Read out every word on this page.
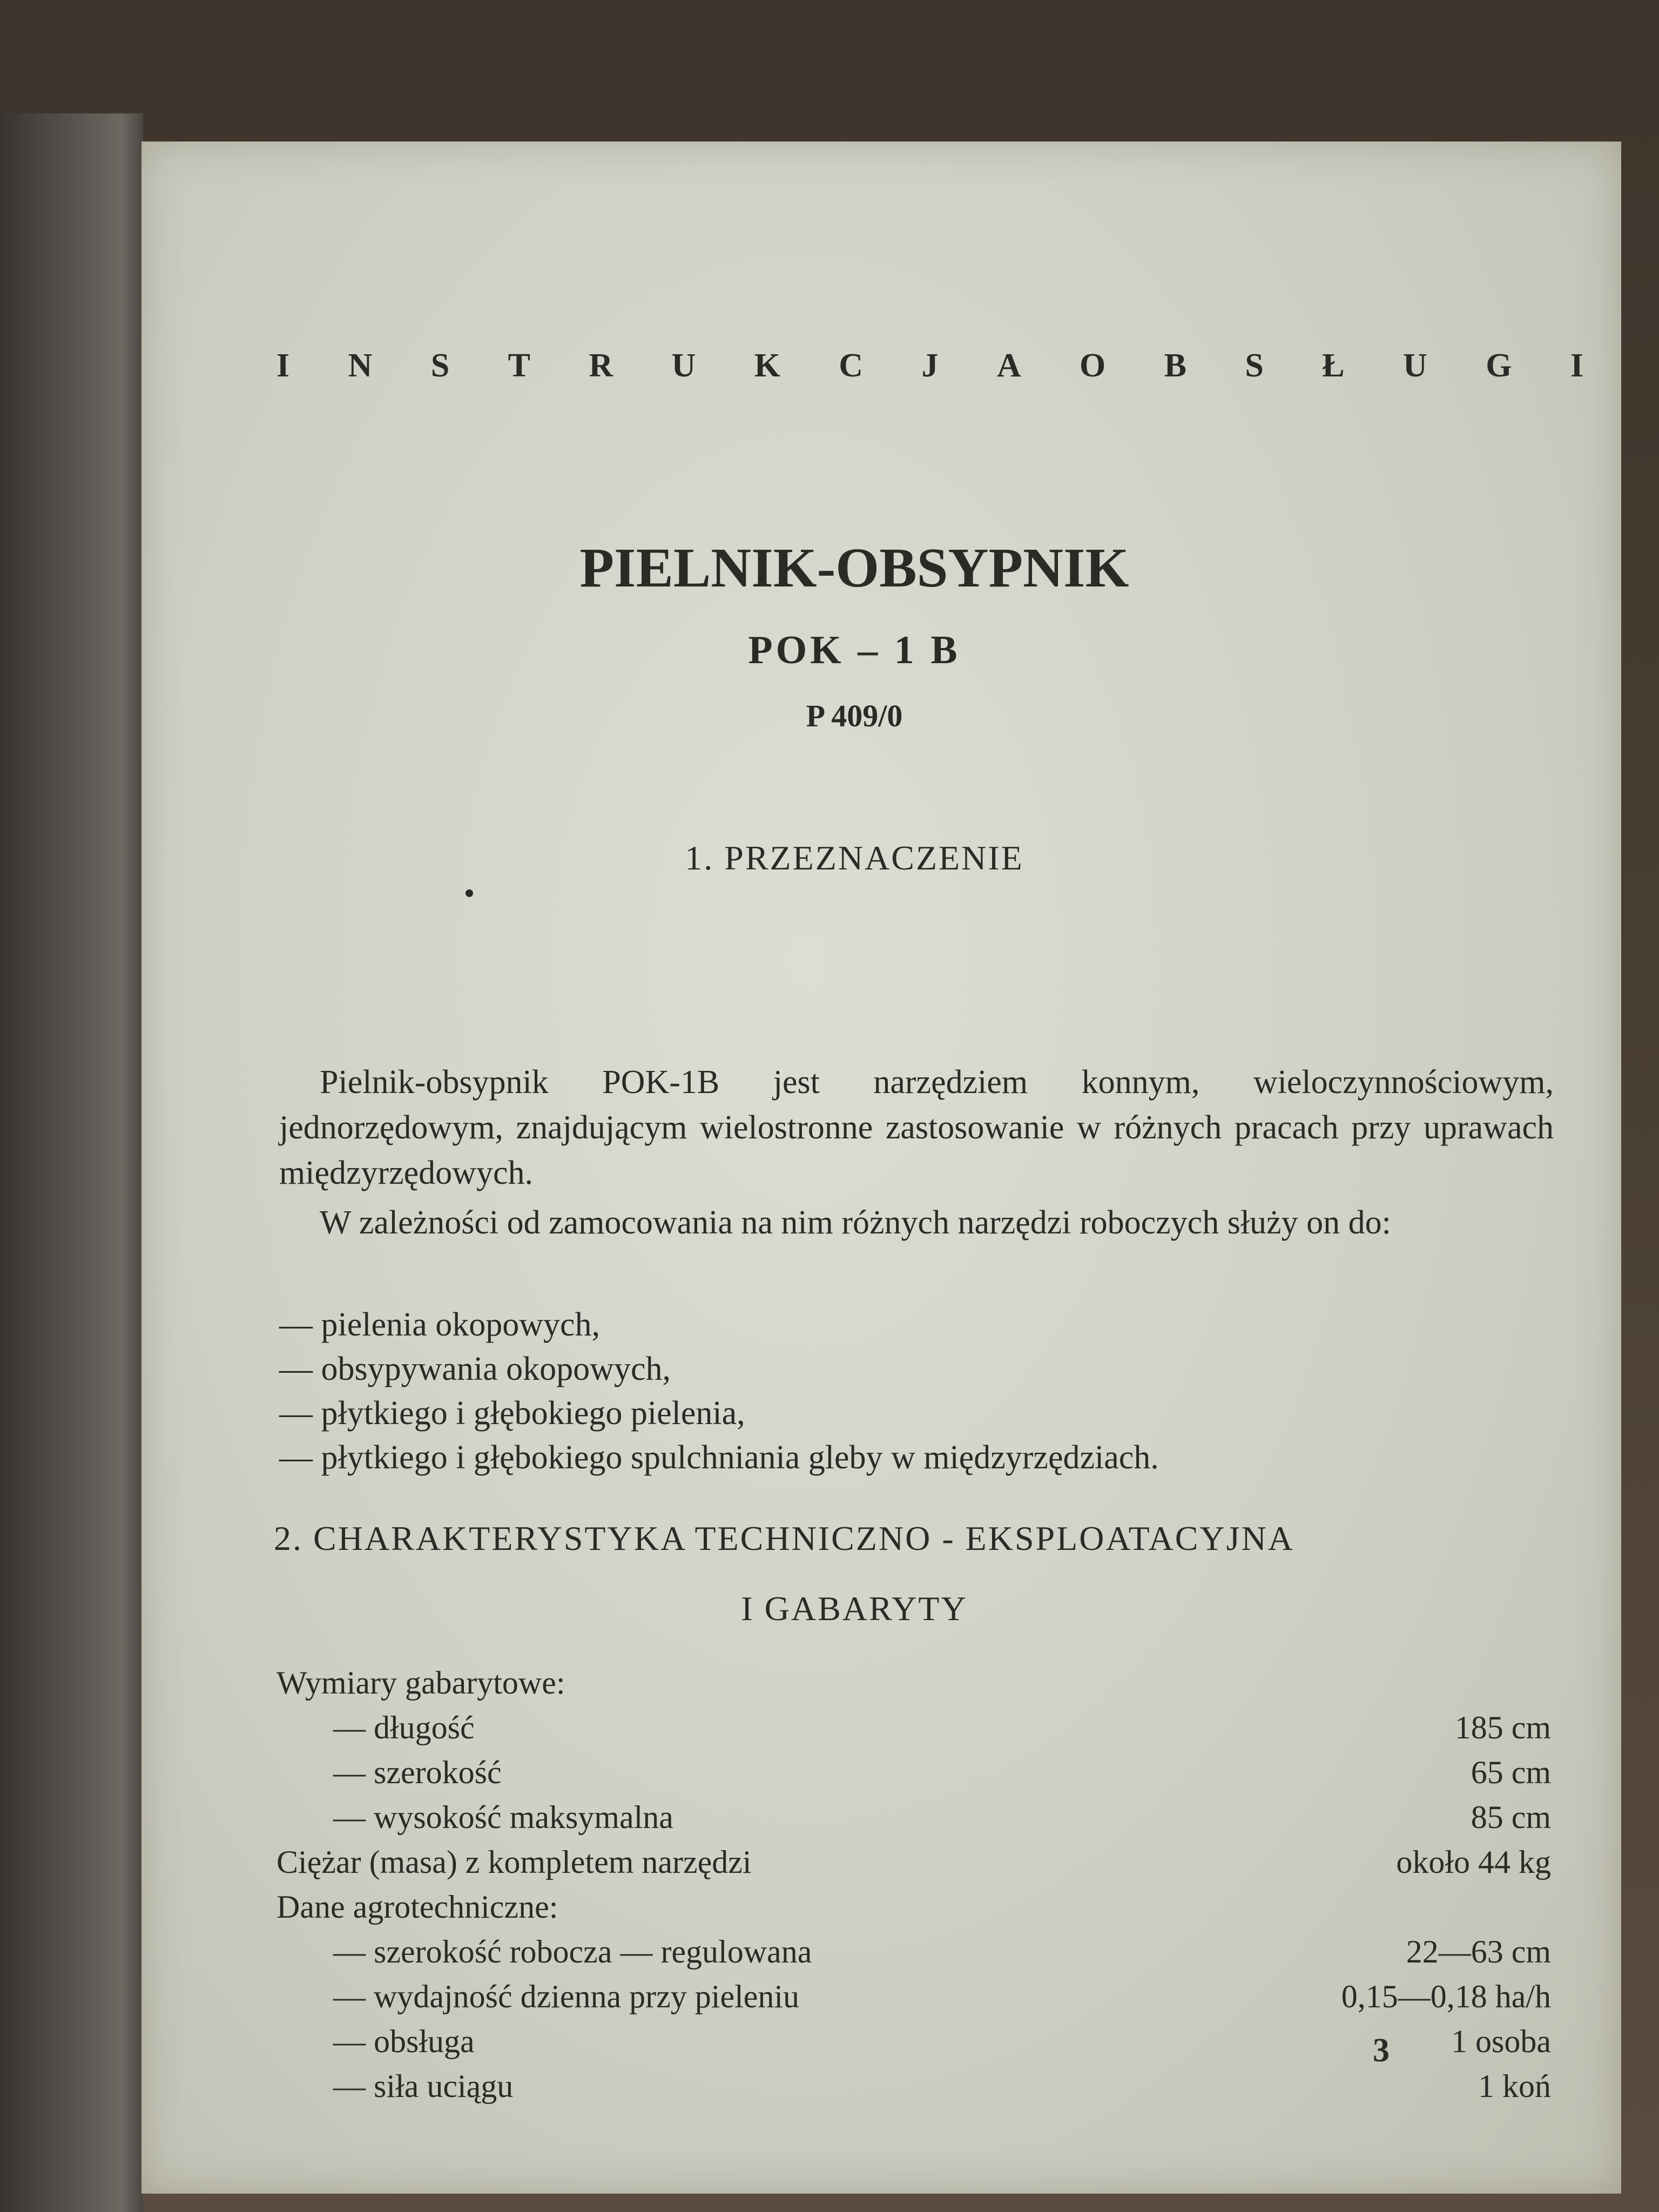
I N S T R U K C J A O B S Ł U G I
PIELNIK-OBSYPNIK
POK – 1 B
P 409/0
1. PRZEZNACZENIE
Pielnik-obsypnik POK-1B jest narzędziem konnym, wieloczynnościowym, jednorzędowym, znajdującym wielostronne zastosowanie w różnych pracach przy uprawach międzyrzędowych.
W zależności od zamocowania na nim różnych narzędzi roboczych służy on do:
— pielenia okopowych,
— obsypywania okopowych,
— płytkiego i głębokiego pielenia,
— płytkiego i głębokiego spulchniania gleby w międzyrzędziach.
2. CHARAKTERYSTYKA TECHNICZNO - EKSPLOATACYJNA
I GABARYTY
Wymiary gabarytowe:
— długość	185 cm
— szerokość	65 cm
— wysokość maksymalna	85 cm
Ciężar (masa) z kompletem narzędzi	około 44 kg
Dane agrotechniczne:
— szerokość robocza — regulowana	22—63 cm
— wydajność dzienna przy pieleniu	0,15—0,18 ha/h
— obsługa	1 osoba
— siła uciągu	1 koń
3
